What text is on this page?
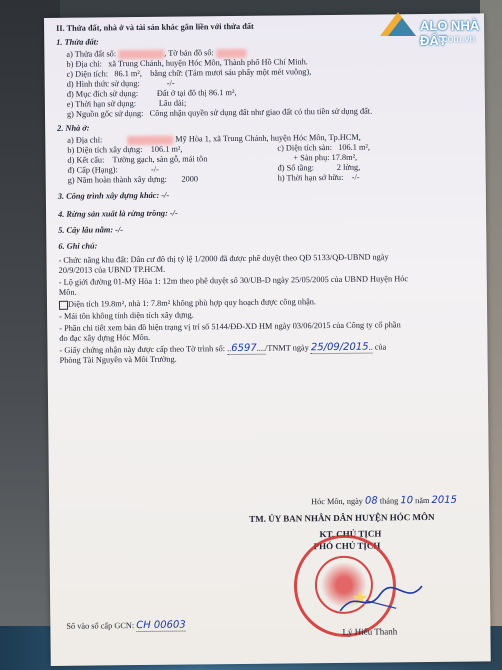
II. Thửa đất, nhà ở và tài sản khác gắn liền với thửa đất
1. Thửa đất:
a) Thửa đất số:	, Tờ bản đồ số:
b) Địa chỉ: xã Trung Chánh, huyện Hóc Môn, Thành phố Hồ Chí Minh.
c) Diện tích: 86.1 m², bằng chữ: (Tám mươi sáu phẩy một mét vuông),
d) Hình thức sử dụng:	-/-
đ) Mục đích sử dụng: Đất ở tại đô thị 86.1 m²,
e) Thời hạn sử dụng:	Lâu dài;
g) Nguồn gốc sử dụng: Công nhận quyền sử dụng đất như giao đất có thu tiền sử dụng đất.
2. Nhà ở:
a) Địa chỉ:	Mỹ Hòa 1, xã Trung Chánh, huyện Hóc Môn, Tp.HCM,
b) Diện tích xây dựng: 106.1 m²,	c) Diện tích sàn: 106.1 m²,
d) Kết cấu: Tường gạch, sàn gỗ, mái tôn	+ Sàn phụ: 17.8m²,
đ) Cấp (Hạng):	-/-	đ) Số tầng:	2 lửng,
g) Năm hoàn thành xây dựng: 2000	h) Thời hạn sở hữu: -/-
3. Công trình xây dựng khác: -/-
4. Rừng sản xuất là rừng trồng: -/-
5. Cây lâu năm: -/-
6. Ghi chú:
- Chức năng khu đất: Dân cư đô thị tỷ lệ 1/2000 đã được phê duyệt theo QĐ 5133/QĐ-UBND ngày
20/9/2013 của UBND TP.HCM.
- Lộ giới đường 01-Mỹ Hòa 1: 12m theo phê duyệt số 30/UB-D ngày 25/05/2005 của UBND Huyện Hóc
Môn.
Diện tích 19.8m², nhà 1: 7.8m² không phù hợp quy hoạch được công nhận.
- Mái tôn không tính diện tích xây dựng.
- Phần chi tiết xem bản đồ hiện trạng vị trí số 5144/ĐĐ-XD HM ngày 03/06/2015 của Công ty cổ phần
đo đạc xây dựng Hóc Môn.
- Giấy chứng nhận này được cấp theo Tờ trình số: ..6597..../TNMT ngày 25/09/2015.. của
Phòng Tài Nguyên và Môi Trường.
Hóc Môn, ngày 08 tháng 10 năm 2015
TM. ỦY BAN NHÂN DÂN HUYỆN HÓC MÔN
KT. CHỦ TỊCH
PHÓ CHỦ TỊCH
★
Lý Hiếu Thanh
Số vào sổ cấp GCN: CH 00603
ALO NHÀ ĐẤT
.com.vn
